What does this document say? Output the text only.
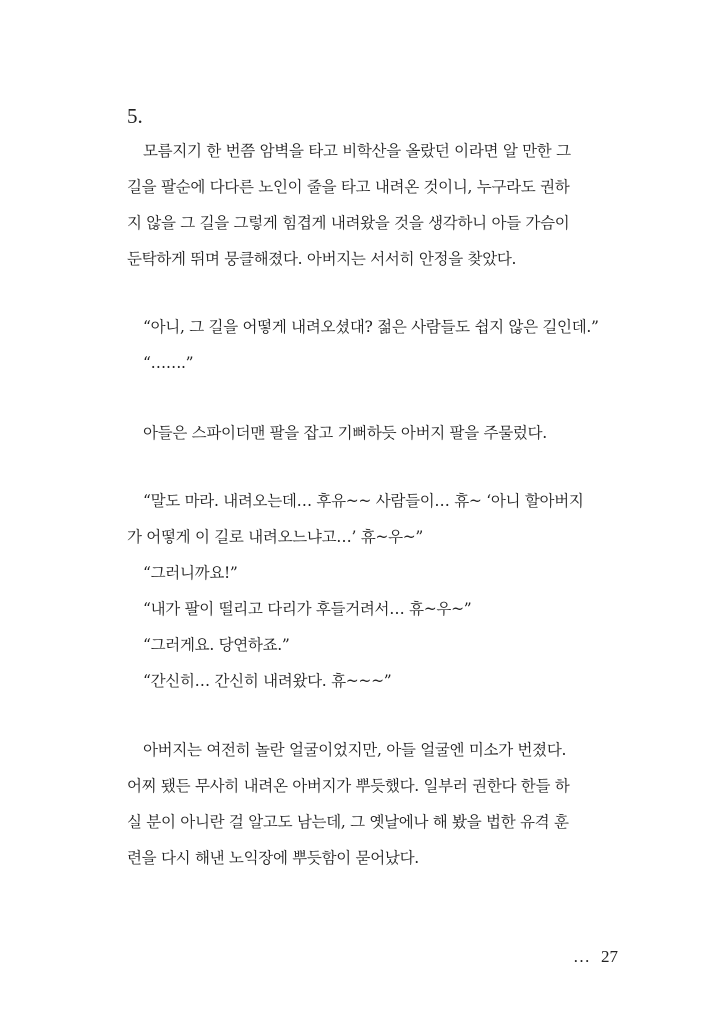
5.
모름지기 한 번쯤 암벽을 타고 비학산을 올랐던 이라면 알 만한 그
길을 팔순에 다다른 노인이 줄을 타고 내려온 것이니, 누구라도 권하
지 않을 그 길을 그렇게 힘겹게 내려왔을 것을 생각하니 아들 가슴이
둔탁하게 뛰며 뭉클해졌다. 아버지는 서서히 안정을 찾았다.
“아니, 그 길을 어떻게 내려오셨대? 젊은 사람들도 쉽지 않은 길인데.”
“…….”
아들은 스파이더맨 팔을 잡고 기뻐하듯 아버지 팔을 주물렀다.
“말도 마라. 내려오는데… 후유~~ 사람들이… 휴~ ‘아니 할아버지
가 어떻게 이 길로 내려오느냐고…’ 휴~우~”
“그러니까요!”
“내가 팔이 떨리고 다리가 후들거려서… 휴~우~”
“그러게요. 당연하죠.”
“간신히… 간신히 내려왔다. 휴~~~”
아버지는 여전히 놀란 얼굴이었지만, 아들 얼굴엔 미소가 번졌다.
어찌 됐든 무사히 내려온 아버지가 뿌듯했다. 일부러 권한다 한들 하
실 분이 아니란 걸 알고도 남는데, 그 옛날에나 해 봤을 법한 유격 훈
련을 다시 해낸 노익장에 뿌듯함이 묻어났다.
… 27
